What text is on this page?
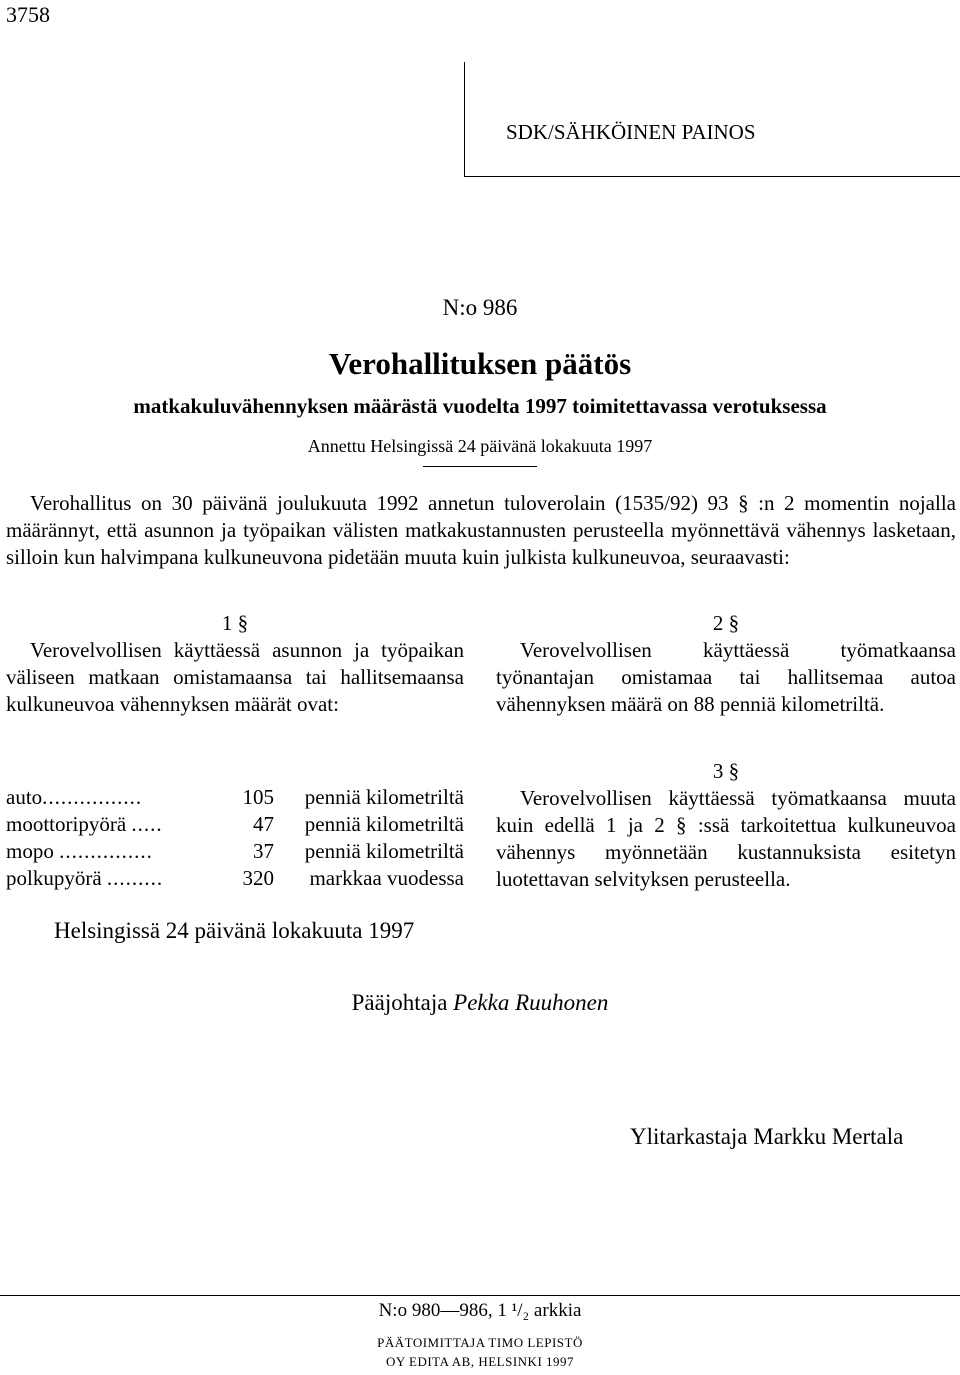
3758
SDK/SÄHKÖINEN PAINOS
N:o 986
Verohallituksen päätös
matkakuluvähennyksen määrästä vuodelta 1997 toimitettavassa verotuksessa
Annettu Helsingissä 24 päivänä lokakuuta 1997
Verohallitus on 30 päivänä joulukuuta 1992 annetun tuloverolain (1535/92) 93 § :n 2 momentin nojalla määrännyt, että asunnon ja työpaikan välisten matkakustannusten perusteella myönnettävä vähennys lasketaan, silloin kun halvimpana kulkuneuvona pidetään muuta kuin julkista kulkuneuvoa, seuraavasti:
1 §
Verovelvollisen käyttäessä asunnon ja työpaikan väliseen matkaan omistamaansa tai hallitsemaansa kulkuneuvoa vähennyksen määrät ovat:
auto................	105	penniä kilometriltä
moottoripyörä .....	47	penniä kilometriltä
mopo ...............	37	penniä kilometriltä
polkupyörä .........	320	markkaa vuodessa
2 §
Verovelvollisen käyttäessä työmatkaansa työnantajan omistamaa tai hallitsemaa autoa vähennyksen määrä on 88 penniä kilometriltä.
3 §
Verovelvollisen käyttäessä työmatkaansa muuta kuin edellä 1 ja 2 § :ssä tarkoitettua kulkuneuvoa vähennys myönnetään kustannuksista esitetyn luotettavan selvityksen perusteella.
Helsingissä 24 päivänä lokakuuta 1997
Pääjohtaja Pekka Ruuhonen
Ylitarkastaja Markku Mertala
N:o 980—986, 1 ¹/₂ arkkia
PÄÄTOIMITTAJA TIMO LEPISTÖ
OY EDITA AB, HELSINKI 1997
